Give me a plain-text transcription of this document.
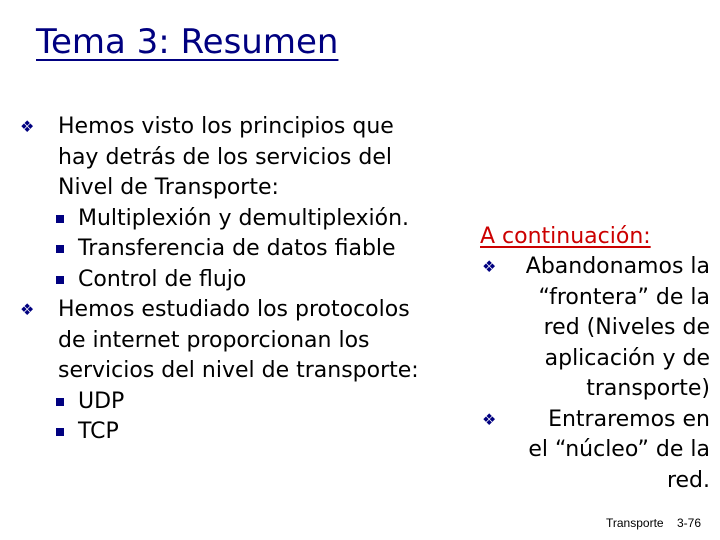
Tema 3: Resumen
❖ Hemos visto los principios que
hay detrás de los servicios del
Nivel de Transporte:
Multiplexión y demultiplexión.
Transferencia de datos fiable
Control de flujo
❖ Hemos estudiado los protocolos
de internet proporcionan los
servicios del nivel de transporte:
UDP
TCP
A continuación:
❖	Abandonamos la
“frontera” de la
red (Niveles de
aplicación y de
transporte)
❖	Entraremos en
el “núcleo” de la
red.
Transporte 3-76
